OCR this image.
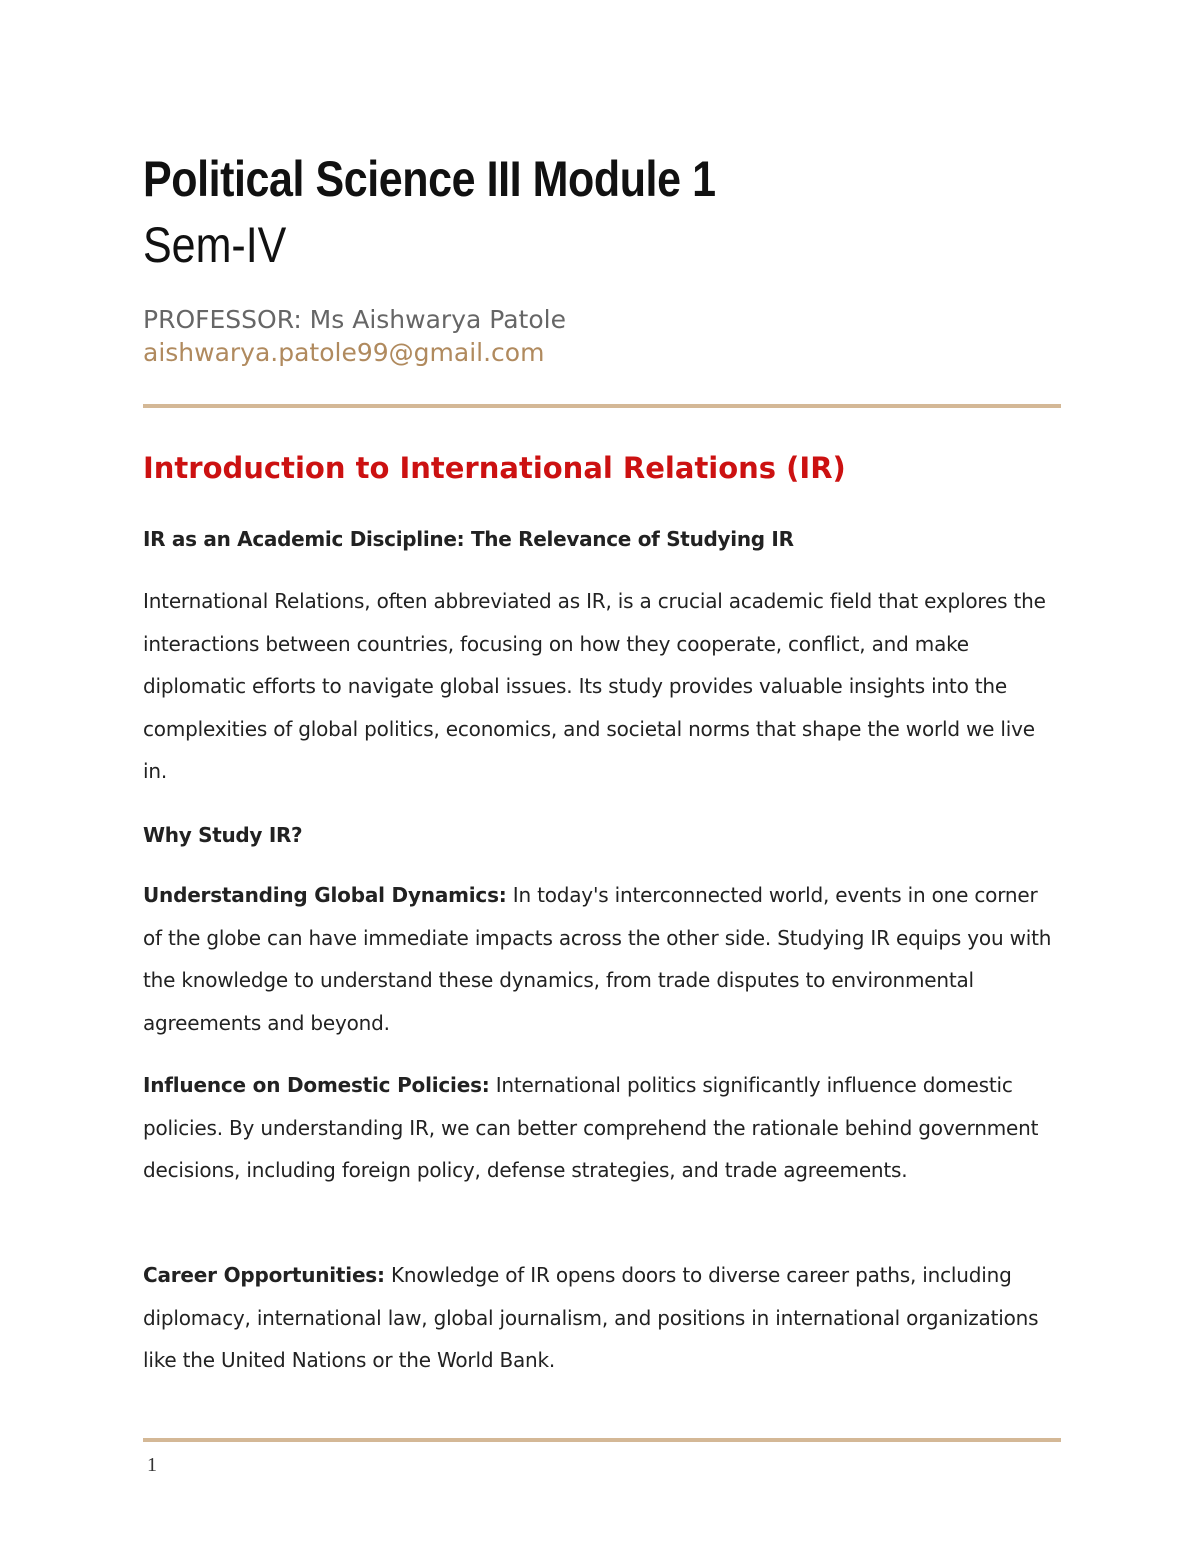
Political Science III Module 1
Sem-IV
PROFESSOR: Ms Aishwarya Patole
aishwarya.patole99@gmail.com
Introduction to International Relations (IR)
IR as an Academic Discipline: The Relevance of Studying IR

International Relations, often abbreviated as IR, is a crucial academic field that explores the interactions between countries, focusing on how they cooperate, conflict, and make diplomatic efforts to navigate global issues. Its study provides valuable insights into the complexities of global politics, economics, and societal norms that shape the world we live in.

Why Study IR?

Understanding Global Dynamics: In today's interconnected world, events in one corner of the globe can have immediate impacts across the other side. Studying IR equips you with the knowledge to understand these dynamics, from trade disputes to environmental agreements and beyond.

Influence on Domestic Policies: International politics significantly influence domestic policies. By understanding IR, we can better comprehend the rationale behind government decisions, including foreign policy, defense strategies, and trade agreements.

Career Opportunities: Knowledge of IR opens doors to diverse career paths, including diplomacy, international law, global journalism, and positions in international organizations like the United Nations or the World Bank.

1
